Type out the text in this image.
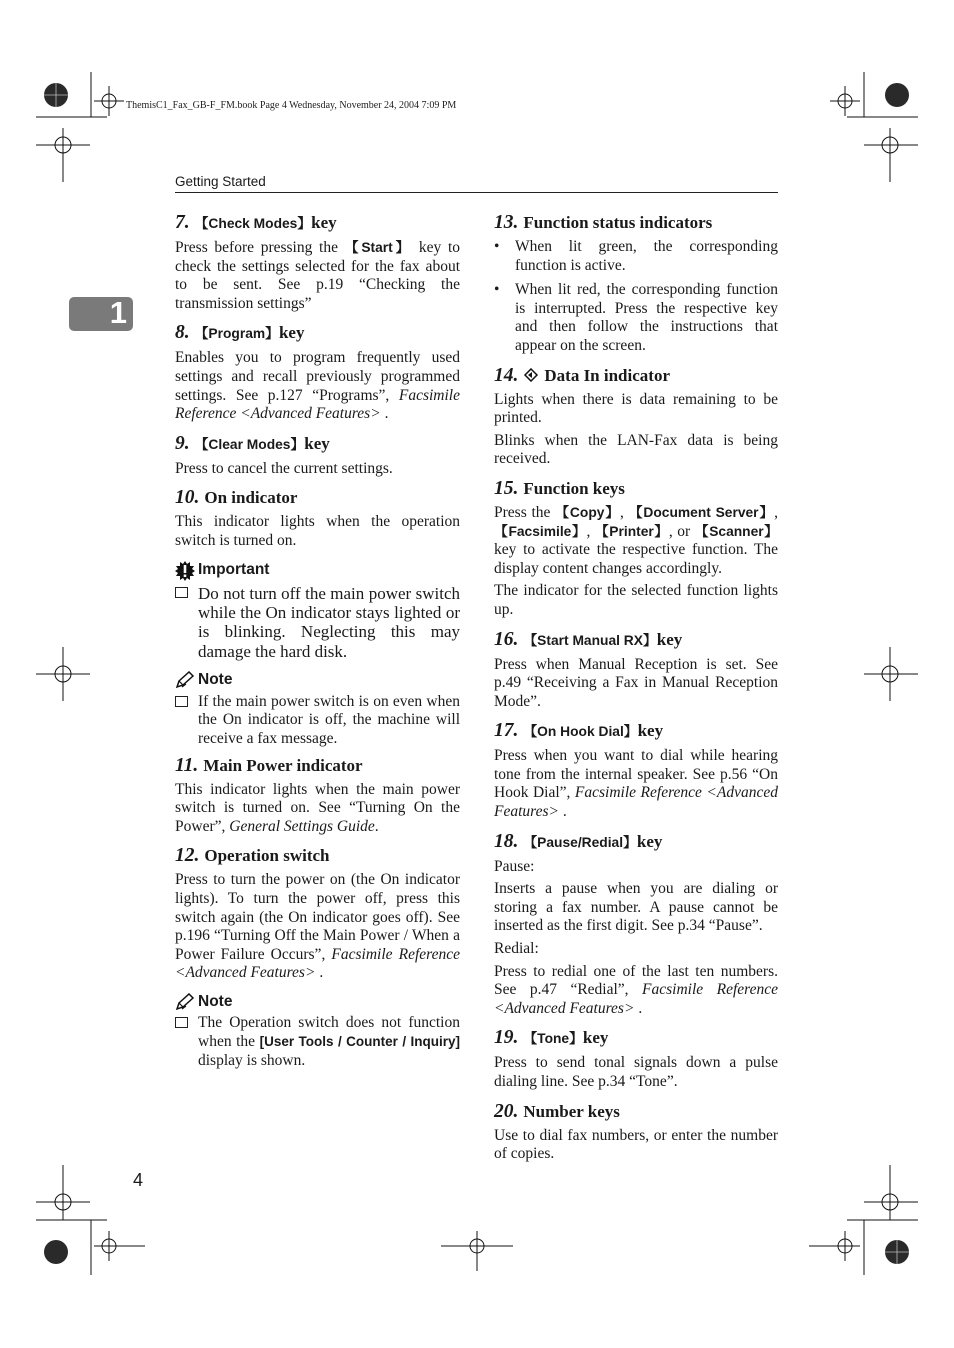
ThemisC1_Fax_GB-F_FM.book Page 4 Wednesday, November 24, 2004 7:09 PM
Getting Started
1
4
7. 【Check Modes】key

Press before pressing the 【Start】 key to check the settings selected for the fax about to be sent. See p.19 “Checking the transmission settings”

8. 【Program】key

Enables you to program frequently used settings and recall previously programmed settings. See p.127 “Programs”, Facsimile Reference <Advanced Features> .

9. 【Clear Modes】key

Press to cancel the current settings.

10. On indicator

This indicator lights when the operation switch is turned on.

Important
Do not turn off the main power switch while the On indicator stays lighted or is blinking. Neglecting this may damage the hard disk.
Note
If the main power switch is on even when the On indicator is off, the machine will receive a fax message.
11. Main Power indicator

This indicator lights when the main power switch is turned on. See “Turning On the Power”, General Settings Guide.

12. Operation switch

Press to turn the power on (the On indicator lights). To turn the power off, press this switch again (the On indicator goes off). See p.196 “Turning Off the Main Power / When a Power Failure Occurs”, Facsimile Reference <Advanced Features> .

Note
The Operation switch does not function when the [User Tools / Counter / Inquiry] display is shown.
13. Function status indicators
•	When lit green, the corresponding function is active.
•	When lit red, the corresponding function is interrupted. Press the respective key and then follow the instructions that appear on the screen.
14. Data In indicator

Lights when there is data remaining to be printed.

Blinks when the LAN-Fax data is being received.

15. Function keys

Press the 【Copy】, 【Document Server】, 【Facsimile】, 【Printer】, or 【Scanner】 key to activate the respective function. The display content changes accordingly.

The indicator for the selected function lights up.

16. 【Start Manual RX】key

Press when Manual Reception is set. See p.49 “Receiving a Fax in Manual Reception Mode”.

17. 【On Hook Dial】key

Press when you want to dial while hearing tone from the internal speaker. See p.56 “On Hook Dial”, Facsimile Reference <Advanced Features> .

18. 【Pause/Redial】key

Pause:

Inserts a pause when you are dialing or storing a fax number. A pause cannot be inserted as the first digit. See p.34 “Pause”.

Redial:

Press to redial one of the last ten numbers. See p.47 “Redial”, Facsimile Reference <Advanced Features> .

19. 【Tone】key

Press to send tonal signals down a pulse dialing line. See p.34 “Tone”.

20. Number keys

Use to dial fax numbers, or enter the number of copies.
